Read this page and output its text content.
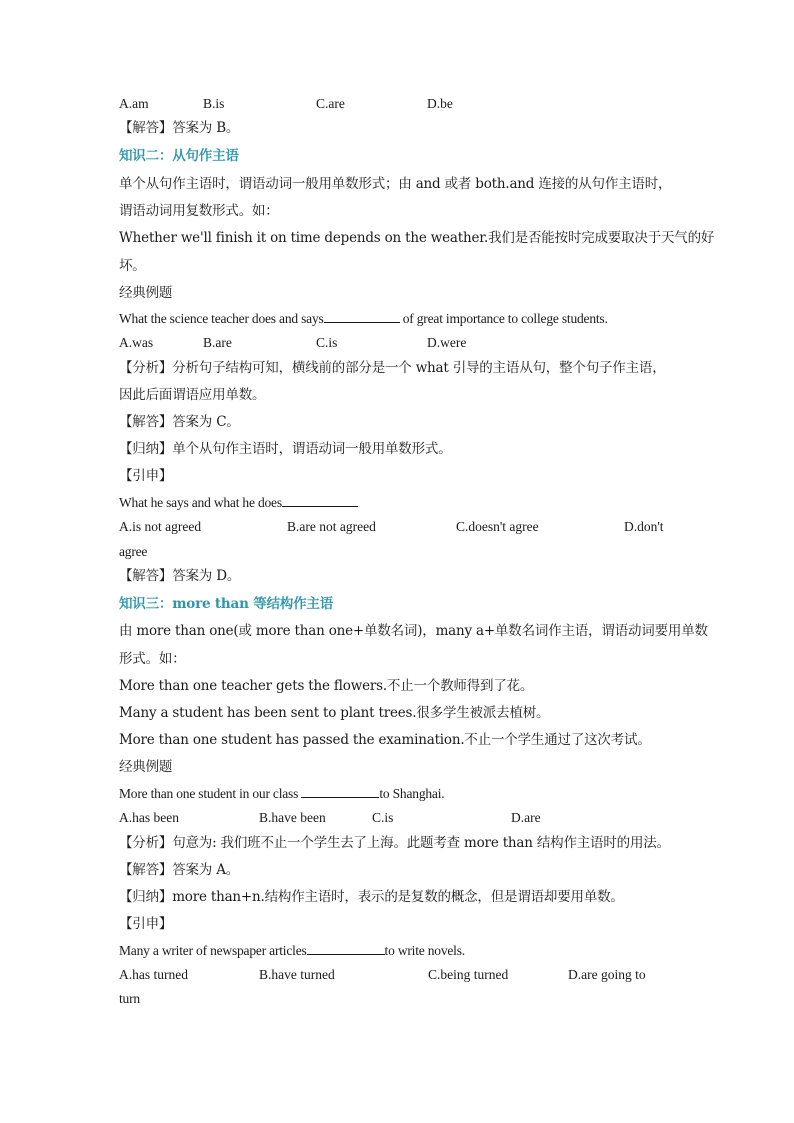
A.am	B.is	C.are	D.be
【解答】答案为 B。
知识二：从句作主语
单个从句作主语时，谓语动词一般用单数形式；由 and 或者 both.and 连接的从句作主语时，
谓语动词用复数形式。如：
Whether we'll finish it on time depends on the weather.我们是否能按时完成要取决于天气的好
坏。
经典例题
What the science teacher does and says	of great importance to college students.
A.was	B.are	C.is	D.were
【分析】分析句子结构可知，横线前的部分是一个 what 引导的主语从句，整个句子作主语，
因此后面谓语应用单数。
【解答】答案为 C。
【归纳】单个从句作主语时，谓语动词一般用单数形式。
【引申】
What he says and what he does
A.is not agreed	B.are not agreed	C.doesn't agree	D.don't
agree
【解答】答案为 D。
知识三：more than 等结构作主语
由 more than one(或 more than one+单数名词)，many a+单数名词作主语，谓语动词要用单数
形式。如：
More than one teacher gets the flowers.不止一个教师得到了花。
Many a student has been sent to plant trees.很多学生被派去植树。
More than one student has passed the examination.不止一个学生通过了这次考试。
经典例题
More than one student in our class	to Shanghai.
A.has been	B.have been	C.is	D.are
【分析】句意为: 我们班不止一个学生去了上海。此题考查 more than 结构作主语时的用法。
【解答】答案为 A。
【归纳】more than+n.结构作主语时，表示的是复数的概念，但是谓语却要用单数。
【引申】
Many a writer of newspaper articles	to write novels.
A.has turned	B.have turned	C.being turned	D.are going to
turn
